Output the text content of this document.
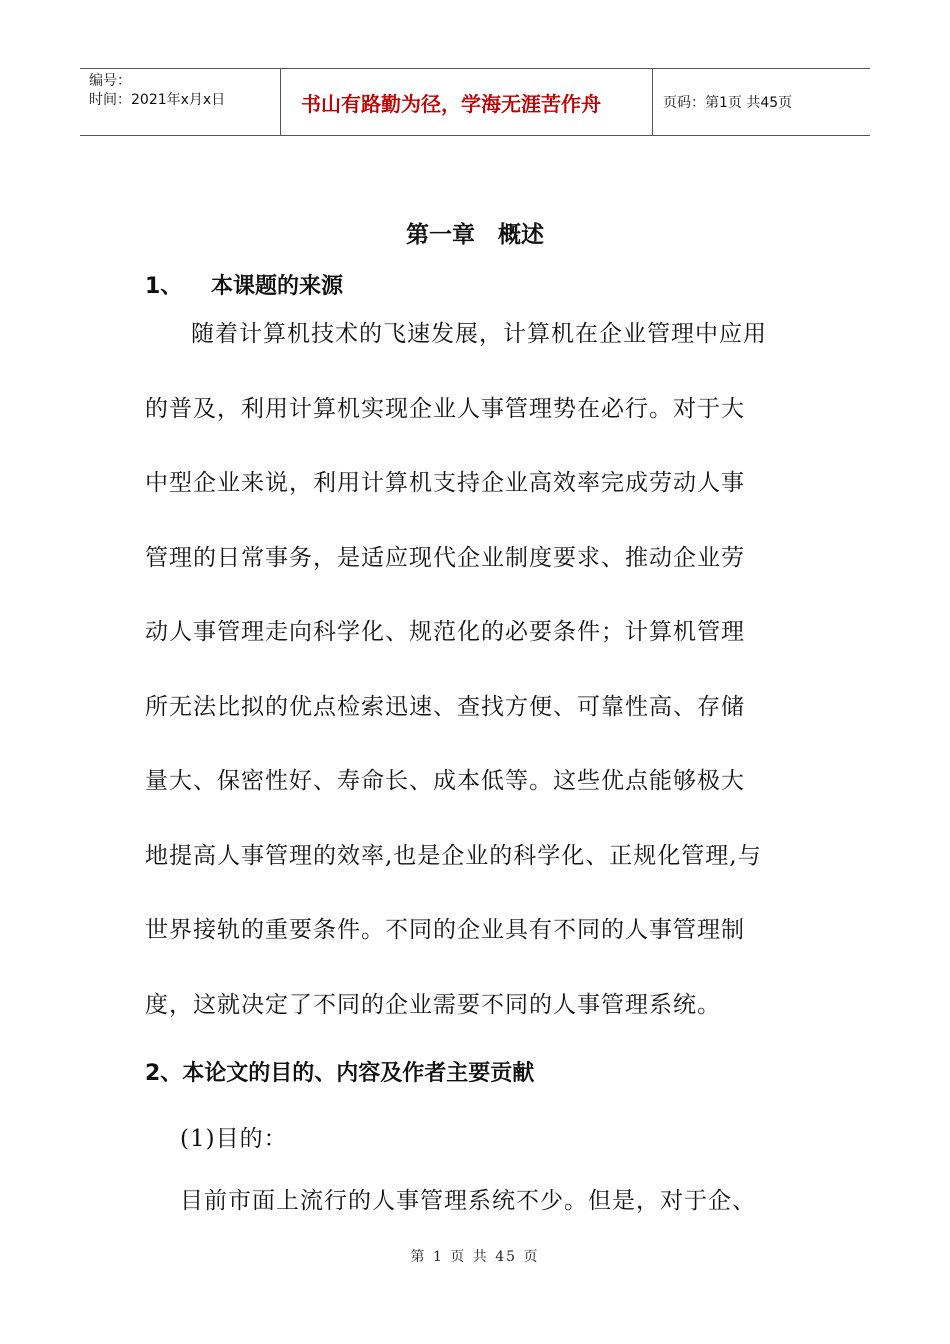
编号：
时间：2021年x月x日	书山有路勤为径，学海无涯苦作舟	页码：第1页 共45页
第一章　概述
1、 本课题的来源
随着计算机技术的飞速发展，计算机在企业管理中应用
的普及，利用计算机实现企业人事管理势在必行。对于大
中型企业来说，利用计算机支持企业高效率完成劳动人事
管理的日常事务，是适应现代企业制度要求、推动企业劳
动人事管理走向科学化、规范化的必要条件；计算机管理
所无法比拟的优点检索迅速、查找方便、可靠性高、存储
量大、保密性好、寿命长、成本低等。这些优点能够极大
地提高人事管理的效率,也是企业的科学化、正规化管理,与
世界接轨的重要条件。不同的企业具有不同的人事管理制
度，这就决定了不同的企业需要不同的人事管理系统。
2、本论文的目的、内容及作者主要贡献
(1)目的：
目前市面上流行的人事管理系统不少。但是，对于企、
第 1 页 共 45 页
